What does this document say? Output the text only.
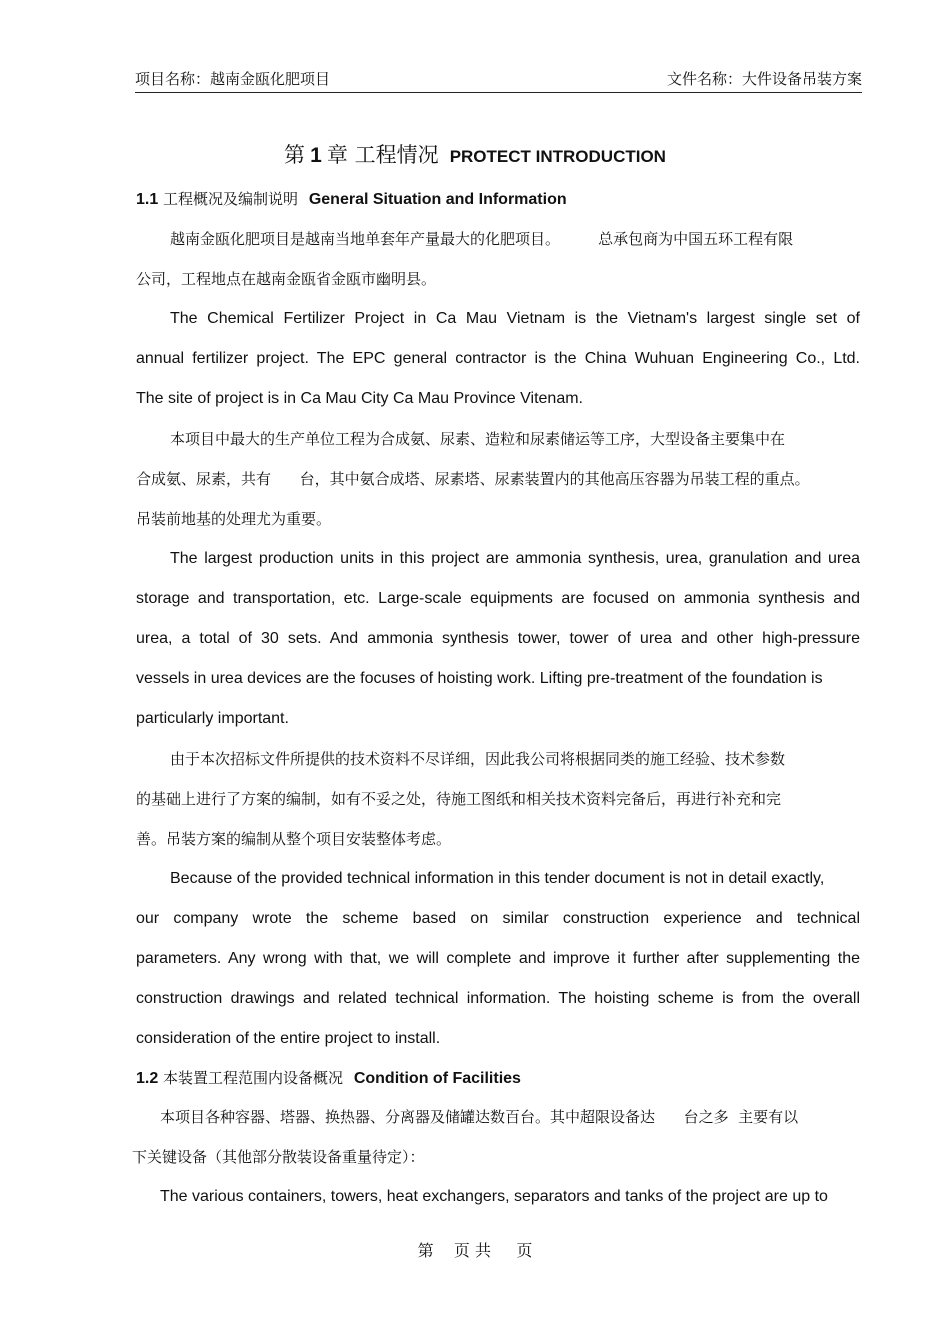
项目名称：越南金瓯化肥项目	文件名称：大件设备吊装方案
第 1 章 工程情况 PROTECT INTRODUCTION
1.1 工程概况及编制说明 General Situation and Information
越南金瓯化肥项目是越南当地单套年产量最大的化肥项目。        总承包商为中国五环工程有限
公司，工程地点在越南金瓯省金瓯市幽明县。
The Chemical Fertilizer Project in Ca Mau Vietnam is the Vietnam's largest single set of
annual fertilizer project. The EPC general contractor is the China Wuhuan Engineering Co., Ltd.
The site of project is in Ca Mau City Ca Mau Province Vitenam.
本项目中最大的生产单位工程为合成氨、尿素、造粒和尿素储运等工序，大型设备主要集中在
合成氨、尿素，共有      台，其中氨合成塔、尿素塔、尿素装置内的其他高压容器为吊装工程的重点。
吊装前地基的处理尤为重要。
The largest production units in this project are ammonia synthesis, urea, granulation and urea
storage and transportation, etc. Large-scale equipments are focused on ammonia synthesis and
urea, a total of 30 sets. And ammonia synthesis tower, tower of urea and other high-pressure
vessels in urea devices are the focuses of hoisting work. Lifting pre-treatment of the foundation is
particularly important.
由于本次招标文件所提供的技术资料不尽详细，因此我公司将根据同类的施工经验、技术参数
的基础上进行了方案的编制，如有不妥之处，待施工图纸和相关技术资料完备后，再进行补充和完
善。吊装方案的编制从整个项目安装整体考虑。
Because of the provided technical information in this tender document is not in detail exactly,
our company wrote the scheme based on similar construction experience and technical
parameters. Any wrong with that, we will complete and improve it further after supplementing the
construction drawings and related technical information. The hoisting scheme is from the overall
consideration of the entire project to install.
1.2 本装置工程范围内设备概况 Condition of Facilities
本项目各种容器、塔器、换热器、分离器及储罐达数百台。其中超限设备达      台之多  主要有以
下关键设备（其他部分散装设备重量待定）：
The various containers, towers, heat exchangers, separators and tanks of the project are up to
第    页 共     页
